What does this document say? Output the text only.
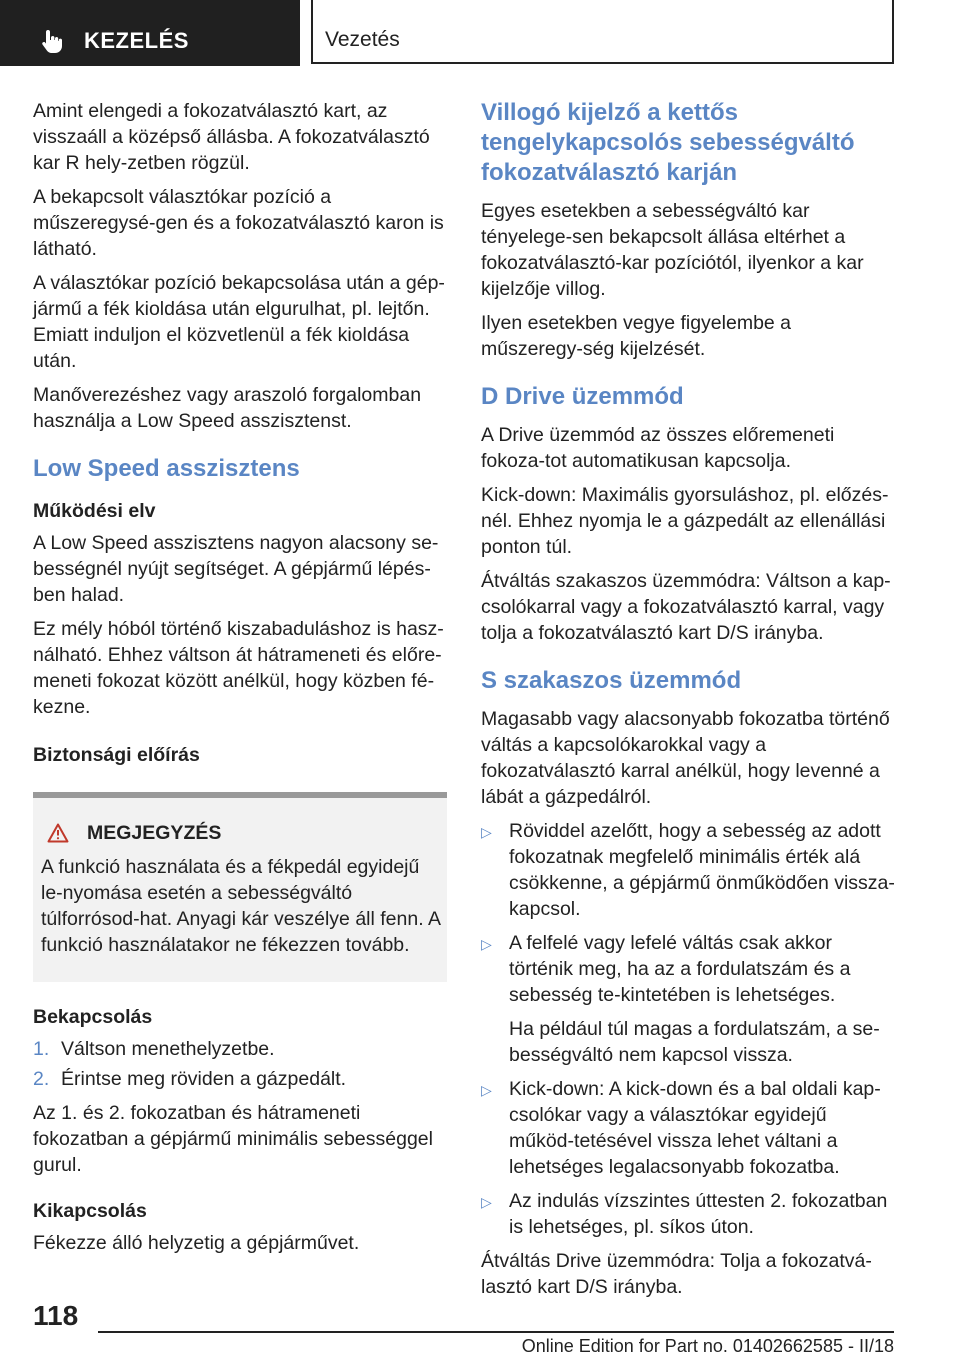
KEZELÉS	Vezetés

Amint elengedi a fokozatválasztó kart, az visszaáll a középső állásba. A fokozatválasztó kar R hely-zetben rögzül.

A bekapcsolt választókar pozíció a műszeregysé-gen és a fokozatválasztó karon is látható.

A választókar pozíció bekapcsolása után a gép-jármű a fék kioldása után elgurulhat, pl. lejtőn. Emiatt induljon el közvetlenül a fék kioldása után.

Manőverezéshez vagy araszoló forgalomban használja a Low Speed asszisztenst.

Low Speed asszisztens
Működési elv

A Low Speed asszisztens nagyon alacsony se-bességnél nyújt segítséget. A gépjármű lépés-ben halad.

Ez mély hóból történő kiszabaduláshoz is hasz-nálható. Ehhez váltson át hátrameneti és előre-meneti fokozat között anélkül, hogy közben fé-kezne.

Biztonsági előírás
MEGJEGYZÉS
A funkció használata és a fékpedál egyidejű le-nyomása esetén a sebességváltó túlforrósod-hat. Anyagi kár veszélye áll fenn. A funkció használatakor ne fékezzen tovább.
Bekapcsolás
1. Váltson menethelyzetbe.
2. Érintse meg röviden a gázpedált.

Az 1. és 2. fokozatban és hátrameneti fokozatban a gépjármű minimális sebességgel gurul.

Kikapcsolás

Fékezze álló helyzetig a gépjárművet.

Villogó kijelző a kettős tengelykapcsolós sebességváltó fokozatválasztó karján

Egyes esetekben a sebességváltó kar tényelege-sen bekapcsolt állása eltérhet a fokozatválasztó-kar pozíciótól, ilyenkor a kar kijelzője villog.

Ilyen esetekben vegye figyelembe a műszeregy-ség kijelzését.

D Drive üzemmód

A Drive üzemmód az összes előremeneti fokoza-tot automatikusan kapcsolja.

Kick-down: Maximális gyorsuláshoz, pl. előzés-nél. Ehhez nyomja le a gázpedált az ellenállási ponton túl.

Átváltás szakaszos üzemmódra: Váltson a kap-csolókarral vagy a fokozatválasztó karral, vagy tolja a fokozatválasztó kart D/S irányba.

S szakaszos üzemmód

Magasabb vagy alacsonyabb fokozatba történő váltás a kapcsolókarokkal vagy a fokozatválasztó karral anélkül, hogy levenné a lábát a gázpedálról.

▷ Röviddel azelőtt, hogy a sebesség az adott fokozatnak megfelelő minimális érték alá csökkenne, a gépjármű önműködően vissza-kapcsol.
▷ A felfelé vagy lefelé váltás csak akkor történik meg, ha az a fordulatszám és a sebesség te-kintetében is lehetséges.
Ha például túl magas a fordulatszám, a se-bességváltó nem kapcsol vissza.
▷ Kick-down: A kick-down és a bal oldali kap-csolókar vagy a választókar egyidejű működ-tetésével vissza lehet váltani a lehetséges legalacsonyabb fokozatba.
▷ Az indulás vízszintes úttesten 2. fokozatban is lehetséges, pl. síkos úton.

Átváltás Drive üzemmódra: Tolja a fokozatvá-lasztó kart D/S irányba.

118
Online Edition for Part no. 01402662585 - II/18
